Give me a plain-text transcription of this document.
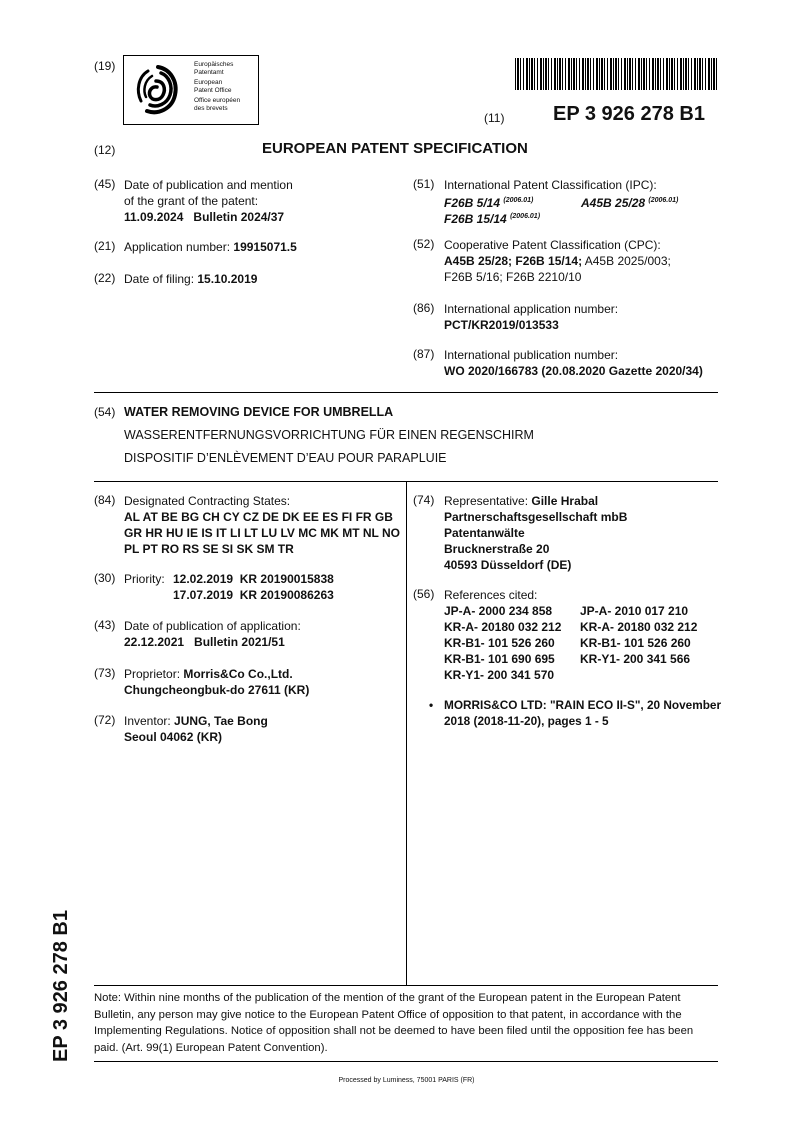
(19)	Europäisches
Patentamt
European
Patent Office
Office européen
des brevets
(11) EP 3 926 278 B1
(12)	EUROPEAN PATENT SPECIFICATION
(45) Date of publication and mention
of the grant of the patent:
11.09.2024   Bulletin 2024/37
(21) Application number: 19915071.5
(22) Date of filing: 15.10.2019
(51) International Patent Classification (IPC):
F26B 5/14 $^{(2006.01)}$	A45B 25/28 $^{(2006.01)}$
F26B 15/14 $^{(2006.01)}$
(52) Cooperative Patent Classification (CPC):
A45B 25/28; F26B 15/14; A45B 2025/003;
F26B 5/16; F26B 2210/10
(86) International application number:
PCT/KR2019/013533
(87) International publication number:
WO 2020/166783 (20.08.2020 Gazette 2020/34)
(54) WATER REMOVING DEVICE FOR UMBRELLA
WASSERENTFERNUNGSVORRICHTUNG FÜR EINEN REGENSCHIRM
DISPOSITIF D’ENLÈVEMENT D’EAU POUR PARAPLUIE
(84) Designated Contracting States:
AL AT BE BG CH CY CZ DE DK EE ES FI FR GB
GR HR HU IE IS IT LI LT LU LV MC MK MT NL NO
PL PT RO RS SE SI SK SM TR
(30) Priority: 12.02.2019  KR 20190015838
17.07.2019  KR 20190086263
(43) Date of publication of application:
22.12.2021   Bulletin 2021/51
(73) Proprietor: Morris&Co Co.,Ltd.
Chungcheongbuk-do 27611 (KR)
(72) Inventor: JUNG, Tae Bong
Seoul 04062 (KR)
(74) Representative: Gille Hrabal
Partnerschaftsgesellschaft mbB
Patentanwälte
Brucknerstraße 20
40593 Düsseldorf (DE)
(56) References cited:
JP-A- 2000 234 858	JP-A- 2010 017 210
KR-A- 20180 032 212	KR-A- 20180 032 212
KR-B1- 101 526 260	KR-B1- 101 526 260
KR-B1- 101 690 695	KR-Y1- 200 341 566
KR-Y1- 200 341 570
• MORRIS&CO LTD: "RAIN ECO II-S", 20 November
2018 (2018-11-20), pages 1 - 5
EP 3 926 278 B1 Note: Within nine months of the publication of the mention of the grant of the European patent in the European Patent
Bulletin, any person may give notice to the European Patent Office of opposition to that patent, in accordance with the
Implementing Regulations. Notice of opposition shall not be deemed to have been filed until the opposition fee has been
paid. (Art. 99(1) European Patent Convention).
Processed by Luminess, 75001 PARIS (FR)
